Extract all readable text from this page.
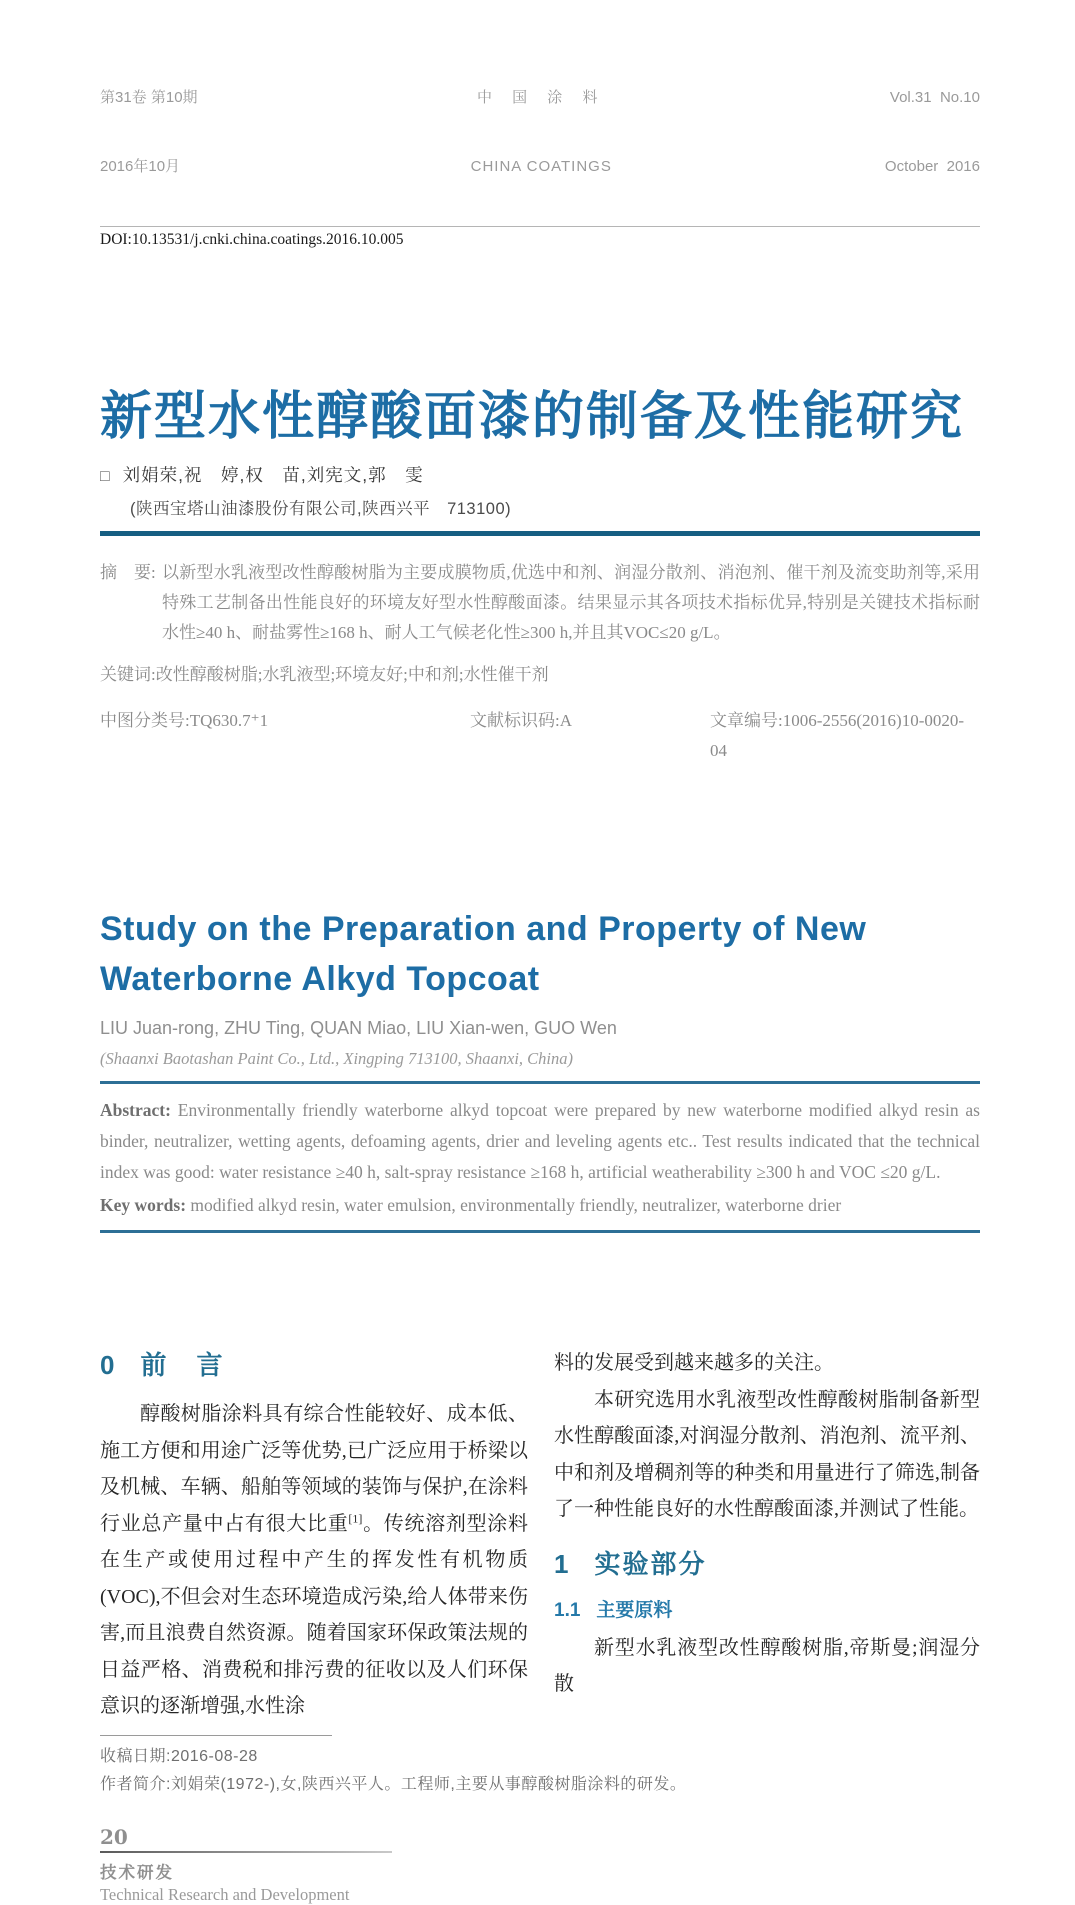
第31卷 第10期

2016年10月

中 国 涂 料

CHINA COATINGS

Vol.31  No.10

October  2016

DOI:10.13531/j.cnki.china.coatings.2016.10.005
新型水性醇酸面漆的制备及性能研究
□ 刘娟荣,祝　婷,权　苗,刘宪文,郭　雯
(陕西宝塔山油漆股份有限公司,陕西兴平　713100)
摘　要: 以新型水乳液型改性醇酸树脂为主要成膜物质,优选中和剂、润湿分散剂、消泡剂、催干剂及流变助剂等,采用特殊工艺制备出性能良好的环境友好型水性醇酸面漆。结果显示其各项技术指标优异,特别是关键技术指标耐水性≥40 h、耐盐雾性≥168 h、耐人工气候老化性≥300 h,并且其VOC≤20 g/L。
关键词:改性醇酸树脂;水乳液型;环境友好;中和剂;水性催干剂
中图分类号:TQ630.7⁺1	文献标识码:A	文章编号:1006-2556(2016)10-0020-04
Study on the Preparation and Property of New Waterborne Alkyd Topcoat
LIU Juan-rong, ZHU Ting, QUAN Miao, LIU Xian-wen, GUO Wen
(Shaanxi Baotashan Paint Co., Ltd., Xingping 713100, Shaanxi, China)
Abstract: Environmentally friendly waterborne alkyd topcoat were prepared by new waterborne modified alkyd resin as binder, neutralizer, wetting agents, defoaming agents, drier and leveling agents etc.. Test results indicated that the technical index was good: water resistance ≥40 h, salt-spray resistance ≥168 h, artificial weatherability ≥300 h and VOC ≤20 g/L.
Key words: modified alkyd resin, water emulsion, environmentally friendly, neutralizer, waterborne drier
0 前　言
醇酸树脂涂料具有综合性能较好、成本低、施工方便和用途广泛等优势,已广泛应用于桥梁以及机械、车辆、船舶等领域的装饰与保护,在涂料行业总产量中占有很大比重[1]。传统溶剂型涂料在生产或使用过程中产生的挥发性有机物质(VOC),不但会对生态环境造成污染,给人体带来伤害,而且浪费自然资源。随着国家环保政策法规的日益严格、消费税和排污费的征收以及人们环保意识的逐渐增强,水性涂
料的发展受到越来越多的关注。
本研究选用水乳液型改性醇酸树脂制备新型水性醇酸面漆,对润湿分散剂、消泡剂、流平剂、中和剂及增稠剂等的种类和用量进行了筛选,制备了一种性能良好的水性醇酸面漆,并测试了性能。
1 实验部分
1.1 主要原料
新型水乳液型改性醇酸树脂,帝斯曼;润湿分散
收稿日期:2016-08-28
作者简介:刘娟荣(1972-),女,陕西兴平人。工程师,主要从事醇酸树脂涂料的研发。
20
技术研发
Technical Research and Development
